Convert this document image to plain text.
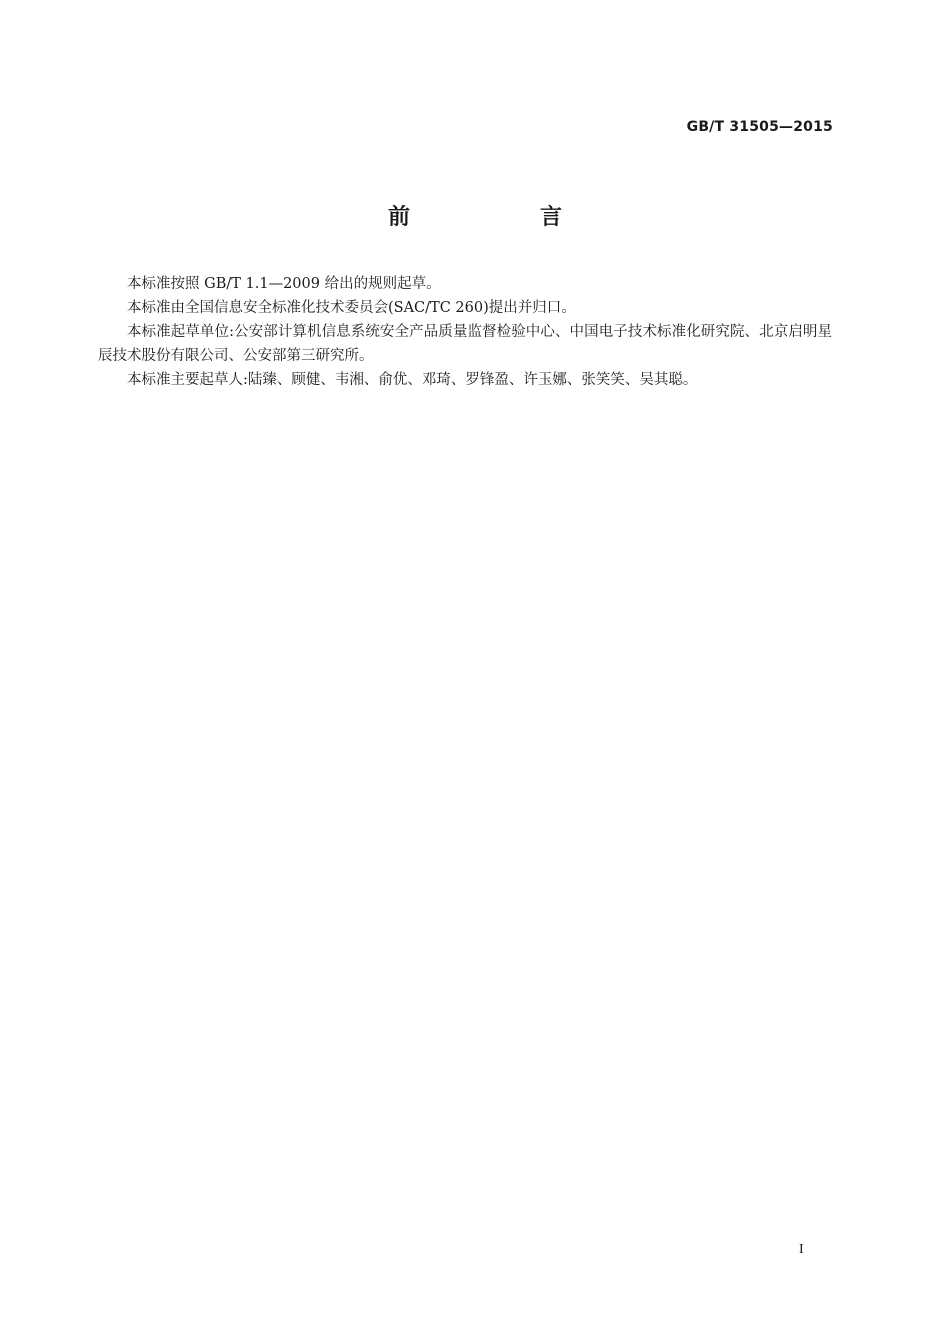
GB/T 31505—2015
前　言

本标准按照 GB/T 1.1—2009 给出的规则起草。

本标准由全国信息安全标准化技术委员会(SAC/TC 260)提出并归口。

本标准起草单位:公安部计算机信息系统安全产品质量监督检验中心、中国电子技术标准化研究院、北京启明星辰技术股份有限公司、公安部第三研究所。

本标准主要起草人:陆臻、顾健、韦湘、俞优、邓琦、罗锋盈、许玉娜、张笑笑、吴其聪。

I
